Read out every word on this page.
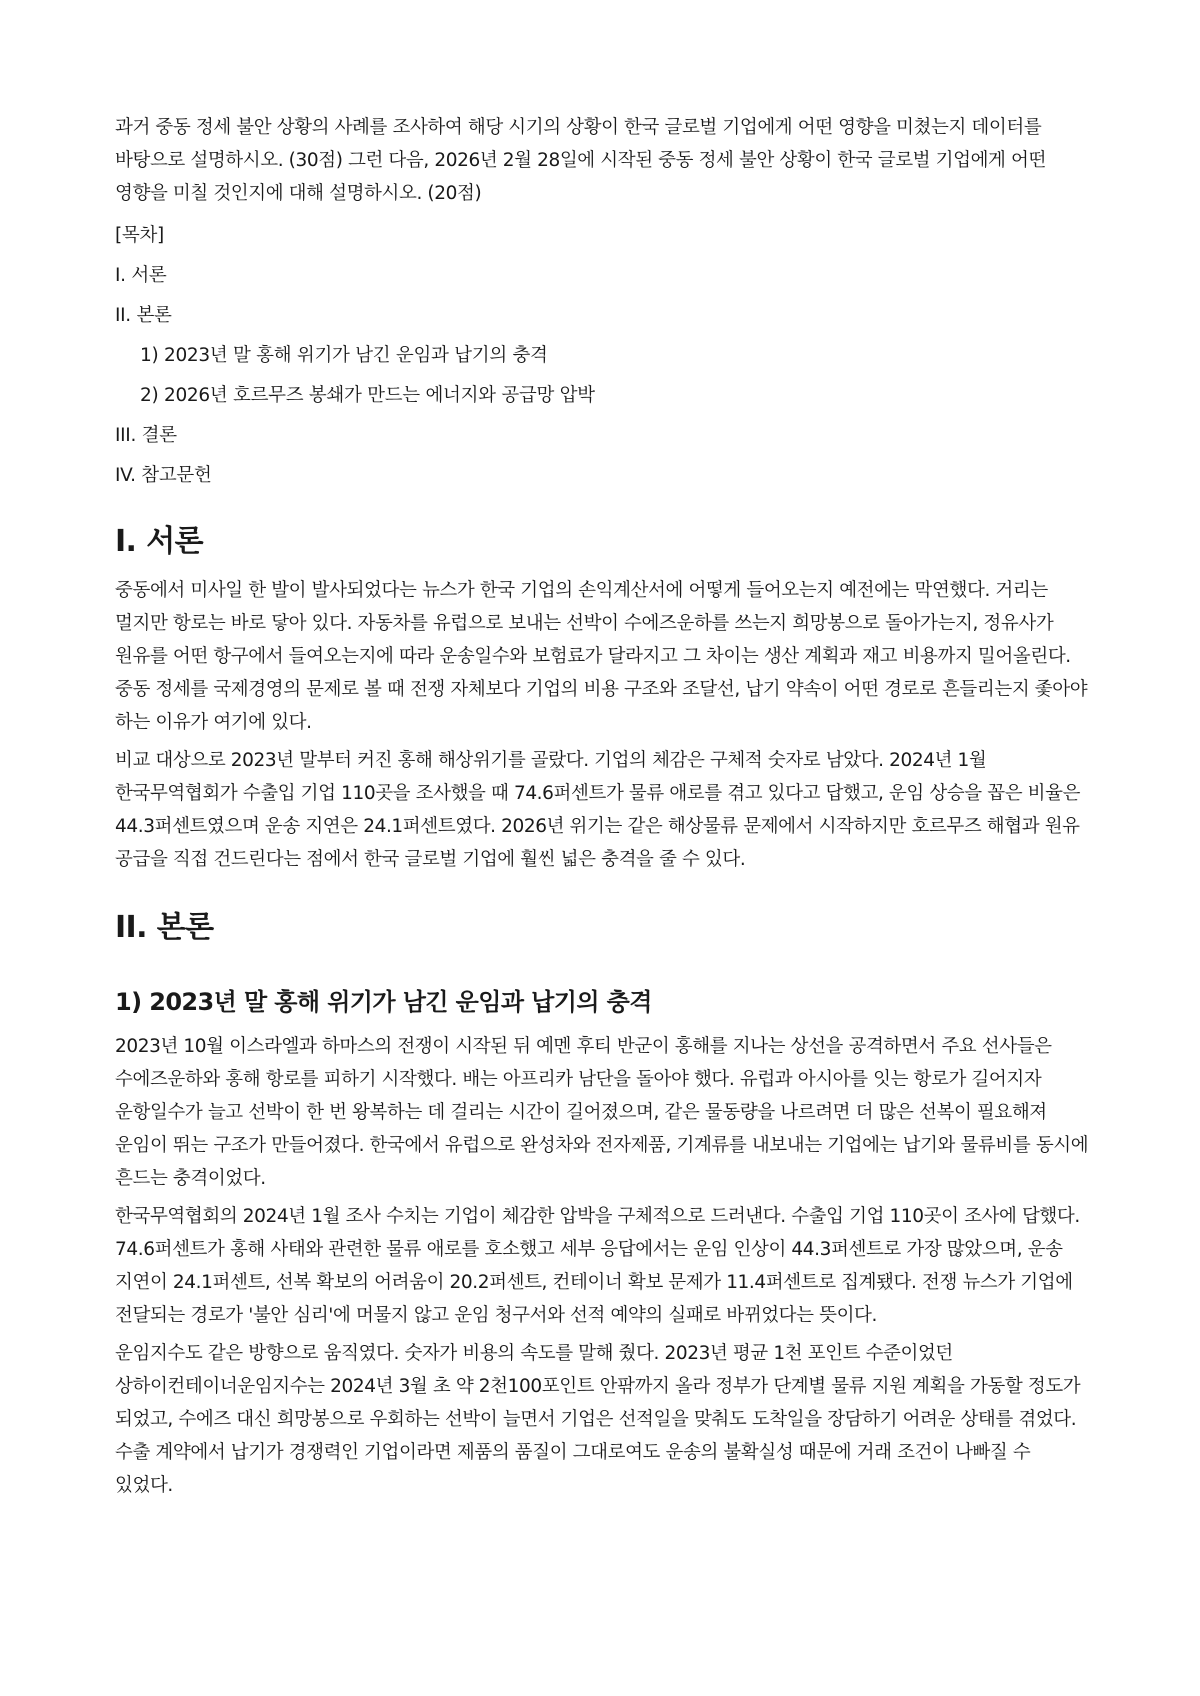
과거 중동 정세 불안 상황의 사례를 조사하여 해당 시기의 상황이 한국 글로벌 기업에게 어떤 영향을 미쳤는지 데이터를 바탕으로 설명하시오. (30점) 그런 다음, 2026년 2월 28일에 시작된 중동 정세 불안 상황이 한국 글로벌 기업에게 어떤 영향을 미칠 것인지에 대해 설명하시오. (20점)

[목차]
I. 서론
II. 본론
1) 2023년 말 홍해 위기가 남긴 운임과 납기의 충격
2) 2026년 호르무즈 봉쇄가 만드는 에너지와 공급망 압박
III. 결론
IV. 참고문헌
I. 서론

중동에서 미사일 한 발이 발사되었다는 뉴스가 한국 기업의 손익계산서에 어떻게 들어오는지 예전에는 막연했다. 거리는 멀지만 항로는 바로 닿아 있다. 자동차를 유럽으로 보내는 선박이 수에즈운하를 쓰는지 희망봉으로 돌아가는지, 정유사가 원유를 어떤 항구에서 들여오는지에 따라 운송일수와 보험료가 달라지고 그 차이는 생산 계획과 재고 비용까지 밀어올린다. 중동 정세를 국제경영의 문제로 볼 때 전쟁 자체보다 기업의 비용 구조와 조달선, 납기 약속이 어떤 경로로 흔들리는지 좇아야 하는 이유가 여기에 있다.

비교 대상으로 2023년 말부터 커진 홍해 해상위기를 골랐다. 기업의 체감은 구체적 숫자로 남았다. 2024년 1월 한국무역협회가 수출입 기업 110곳을 조사했을 때 74.6퍼센트가 물류 애로를 겪고 있다고 답했고, 운임 상승을 꼽은 비율은 44.3퍼센트였으며 운송 지연은 24.1퍼센트였다. 2026년 위기는 같은 해상물류 문제에서 시작하지만 호르무즈 해협과 원유 공급을 직접 건드린다는 점에서 한국 글로벌 기업에 훨씬 넓은 충격을 줄 수 있다.

II. 본론
1) 2023년 말 홍해 위기가 남긴 운임과 납기의 충격

2023년 10월 이스라엘과 하마스의 전쟁이 시작된 뒤 예멘 후티 반군이 홍해를 지나는 상선을 공격하면서 주요 선사들은 수에즈운하와 홍해 항로를 피하기 시작했다. 배는 아프리카 남단을 돌아야 했다. 유럽과 아시아를 잇는 항로가 길어지자 운항일수가 늘고 선박이 한 번 왕복하는 데 걸리는 시간이 길어졌으며, 같은 물동량을 나르려면 더 많은 선복이 필요해져 운임이 뛰는 구조가 만들어졌다. 한국에서 유럽으로 완성차와 전자제품, 기계류를 내보내는 기업에는 납기와 물류비를 동시에 흔드는 충격이었다.

한국무역협회의 2024년 1월 조사 수치는 기업이 체감한 압박을 구체적으로 드러낸다. 수출입 기업 110곳이 조사에 답했다. 74.6퍼센트가 홍해 사태와 관련한 물류 애로를 호소했고 세부 응답에서는 운임 인상이 44.3퍼센트로 가장 많았으며, 운송 지연이 24.1퍼센트, 선복 확보의 어려움이 20.2퍼센트, 컨테이너 확보 문제가 11.4퍼센트로 집계됐다. 전쟁 뉴스가 기업에 전달되는 경로가 '불안 심리'에 머물지 않고 운임 청구서와 선적 예약의 실패로 바뀌었다는 뜻이다.

운임지수도 같은 방향으로 움직였다. 숫자가 비용의 속도를 말해 줬다. 2023년 평균 1천 포인트 수준이었던 상하이컨테이너운임지수는 2024년 3월 초 약 2천100포인트 안팎까지 올라 정부가 단계별 물류 지원 계획을 가동할 정도가 되었고, 수에즈 대신 희망봉으로 우회하는 선박이 늘면서 기업은 선적일을 맞춰도 도착일을 장담하기 어려운 상태를 겪었다. 수출 계약에서 납기가 경쟁력인 기업이라면 제품의 품질이 그대로여도 운송의 불확실성 때문에 거래 조건이 나빠질 수 있었다.
